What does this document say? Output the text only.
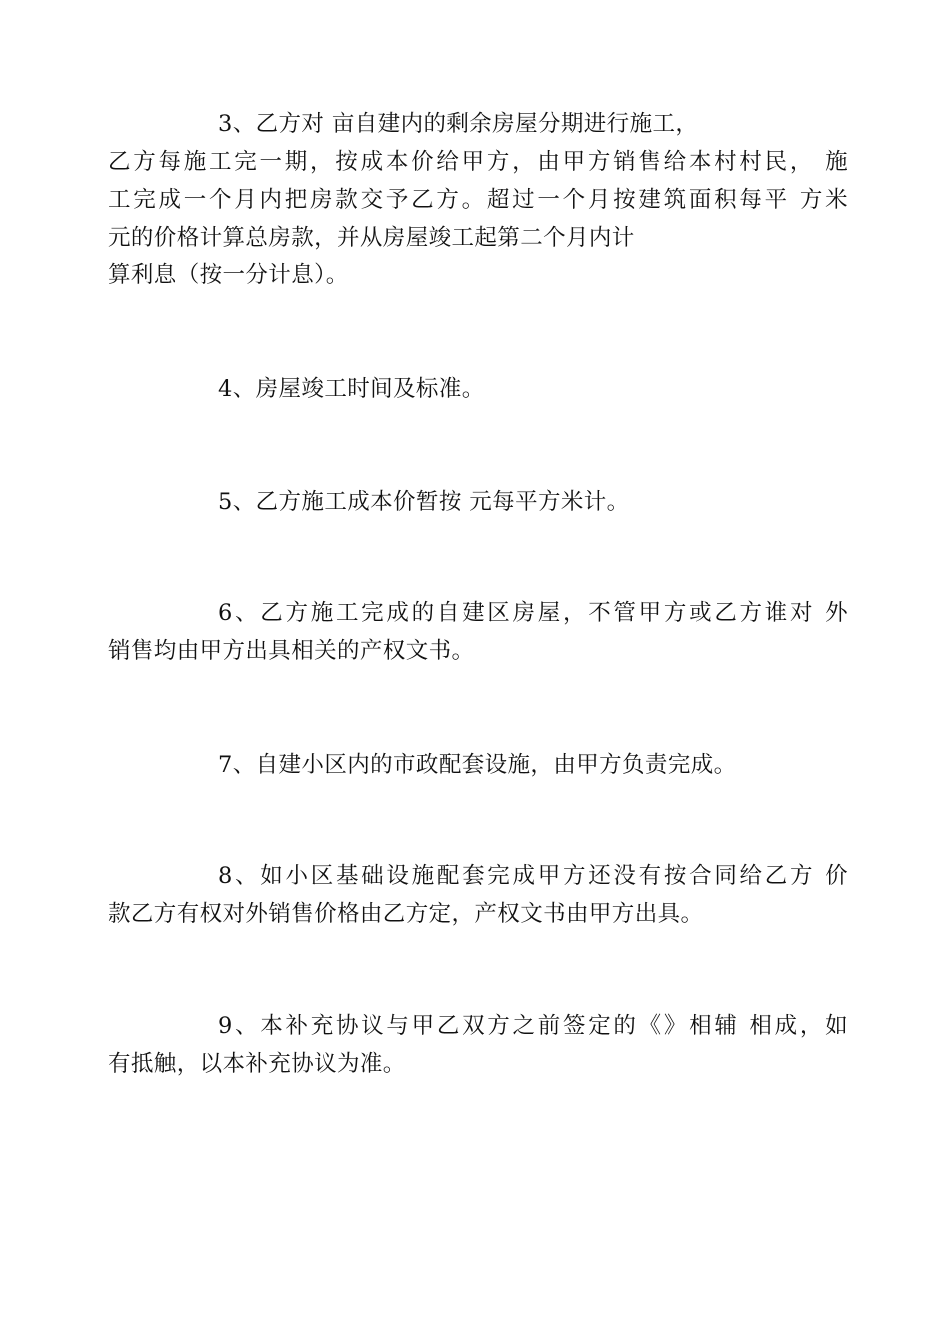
3、乙方对 亩自建内的剩余房屋分期进行施工，
乙方每施工完一期，按成本价给甲方，由甲方销售给本村村民， 施
工完成一个月内把房款交予乙方。超过一个月按建筑面积每平 方米
元的价格计算总房款，并从房屋竣工起第二个月内计
算利息（按一分计息）。
4、房屋竣工时间及标准。
5、乙方施工成本价暂按 元每平方米计。
6、乙方施工完成的自建区房屋，不管甲方或乙方谁对 外
销售均由甲方出具相关的产权文书。
7、自建小区内的市政配套设施，由甲方负责完成。
8、如小区基础设施配套完成甲方还没有按合同给乙方 价
款乙方有权对外销售价格由乙方定，产权文书由甲方出具。
9、本补充协议与甲乙双方之前签定的《》相辅 相成，如
有抵触，以本补充协议为准。
